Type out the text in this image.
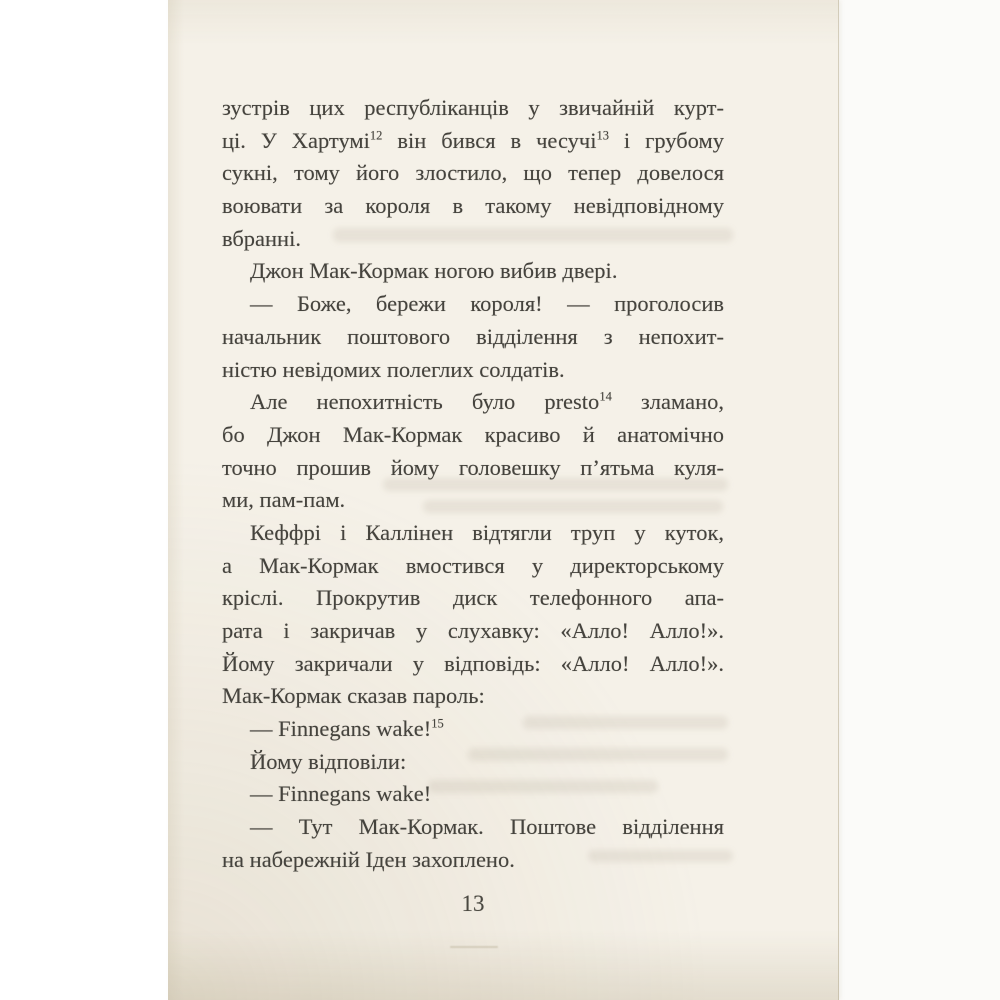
зустрів цих республіканців у звичайній курт-
ці. У Хартумі$^{12}$ він бився в чесучі$^{13}$ і грубому
сукні, тому його злостило, що тепер довелося
воювати за короля в такому невідповідному
вбранні.
Джон Мак-Кормак ногою вибив двері.
— Боже, бережи короля! — проголосив
начальник поштового відділення з непохит-
ністю невідомих полеглих солдатів.
Але непохитність було presto$^{14}$ зламано,
бо Джон Мак-Кормак красиво й анатомічно
точно прошив йому головешку п’ятьма куля-
ми, пам-пам.
Кеффрі і Каллінен відтягли труп у куток,
а Мак-Кормак вмостився у директорському
кріслі. Прокрутив диск телефонного апа-
рата і закричав у слухавку: «Алло! Алло!».
Йому закричали у відповідь: «Алло! Алло!».
Мак-Кормак сказав пароль:
— Finnegans wake!$^{15}$
Йому відповіли:
— Finnegans wake!
— Тут Мак-Кормак. Поштове відділення
на набережній Іден захоплено.
13
